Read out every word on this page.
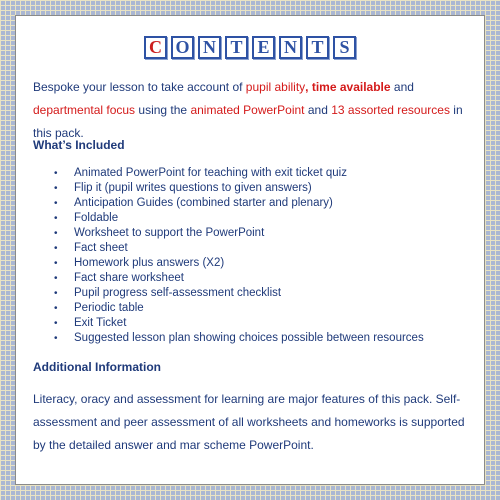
C O N T E N T S

Bespoke your lesson to take account of pupil ability, time available and departmental focus using the animated PowerPoint and 13 assorted resources in this pack.

What’s Included

• Animated PowerPoint for teaching with exit ticket quiz
• Flip it (pupil writes questions to given answers)
• Anticipation Guides (combined starter and plenary)
• Foldable
• Worksheet to support the PowerPoint
• Fact sheet
• Homework plus answers (X2)
• Fact share worksheet
• Pupil progress self-assessment checklist
• Periodic table
• Exit Ticket
• Suggested lesson plan showing choices possible between resources

Additional Information

Literacy, oracy and assessment for learning are major features of this pack. Self-assessment and peer assessment of all worksheets and homeworks is supported by the detailed answer and mar scheme PowerPoint.
